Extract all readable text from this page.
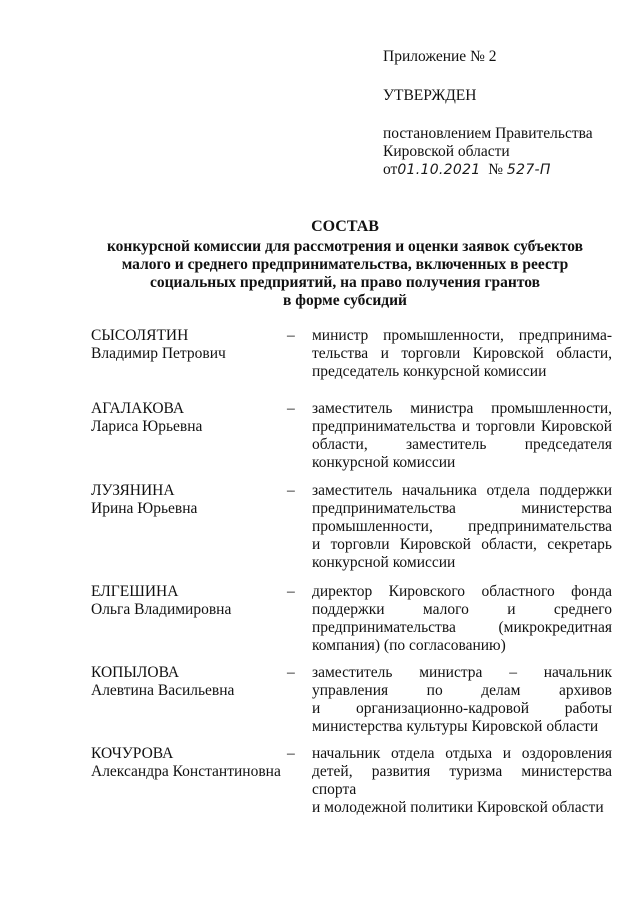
Приложение № 2
УТВЕРЖДЕН
постановлением Правительства
Кировской области
от01.10.2021 № 527-П
СОСТАВ
конкурсной комиссии для рассмотрения и оценки заявок субъектов
малого и среднего предпринимательства, включенных в реестр
социальных предприятий, на право получения грантов
в форме субсидий
СЫСОЛЯТИН
Владимир Петрович
– министр промышленности, предпринима-
тельства и торговли Кировской области,
председатель конкурсной комиссии
АГАЛАКОВА
Лариса Юрьевна
– заместитель министра промышленности,
предпринимательства и торговли Кировской
области, заместитель председателя
конкурсной комиссии
ЛУЗЯНИНА
Ирина Юрьевна
– заместитель начальника отдела поддержки
предпринимательства министерства
промышленности, предпринимательства
и торговли Кировской области, секретарь
конкурсной комиссии
ЕЛГЕШИНА
Ольга Владимировна
– директор Кировского областного фонда
поддержки малого и среднего
предпринимательства (микрокредитная
компания) (по согласованию)
КОПЫЛОВА
Алевтина Васильевна
– заместитель министра – начальник
управления по делам архивов
и организационно-кадровой работы
министерства культуры Кировской области
КОЧУРОВА
Александра Константиновна
– начальник отдела отдыха и оздоровления
детей, развития туризма министерства спорта
и молодежной политики Кировской области
